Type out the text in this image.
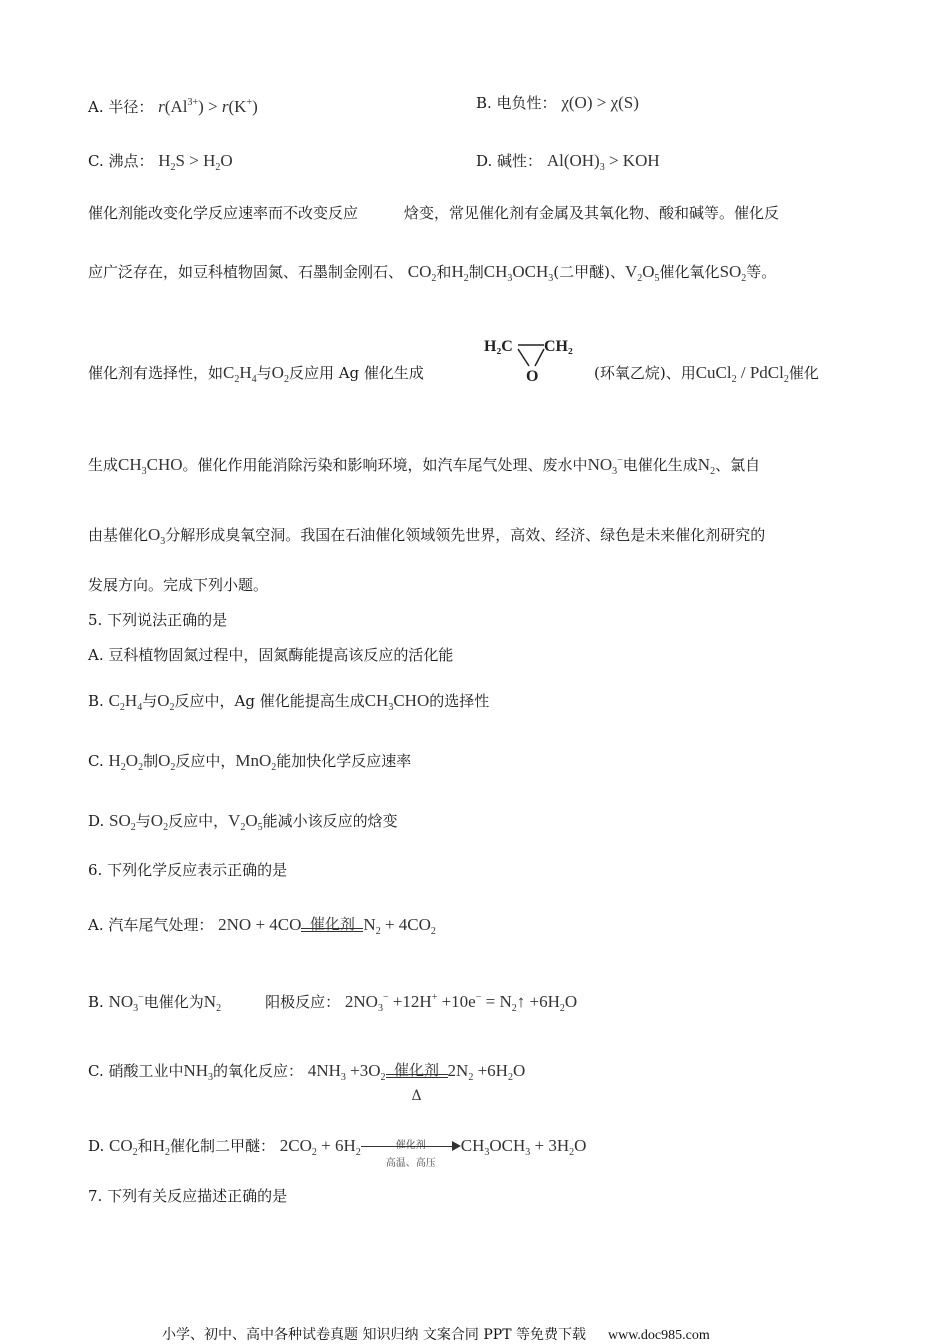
A. 半径： $r(Al^{3+}) > r(K^+)$	B. 电负性： χ(O) > χ(S)
C. 沸点： $H_2S > H_2O$	D. 碱性： $Al(OH)_3$ > KOH
催化剂能改变化学反应速率而不改变反应	焓变，常见催化剂有金属及其氧化物、酸和碱等。催化反
应广泛存在，如豆科植物固氮、石墨制金刚石、 $CO_2$和$H_2$制$CH_3OCH_3$(二甲醚)、$V_2O_5$催化氧化$SO_2$等。
H₂C CH₂
O
催化剂有选择性，如$C_2H_4$与$O_2$反应用 Ag 催化生成	(环氧乙烷)、用CuCl$_2$ / PdCl$_2$催化
生成$CH_3CHO$。催化作用能消除污染和影响环境，如汽车尾气处理、废水中$NO_3^-$电催化生成$N_2$、氯自
由基催化$O_3$分解形成臭氧空洞。我国在石油催化领域领先世界，高效、经济、绿色是未来催化剂研究的
发展方向。完成下列小题。
5. 下列说法正确的是
A. 豆科植物固氮过程中，固氮酶能提高该反应的活化能
B. $C_2H_4$与$O_2$反应中，Ag 催化能提高生成$CH_3CHO$的选择性
C. $H_2O_2$制$O_2$反应中，MnO$_2$能加快化学反应速率
D. $SO_2$与$O_2$反应中，$V_2O_5$能减小该反应的焓变
6. 下列化学反应表示正确的是
A. 汽车尾气处理： 2NO + 4CO 催化剂 $N_2 + 4CO_2$
B. $NO_3^-$电催化为$N_2$	阳极反应： $2NO_3^- +12H^+ +10e^-$ = $N_2↑ +6H_2O$
C. 硝酸工业中$NH_3$的氧化反应： $4NH_3 +3O_2$ 催化剂
Δ
$2N_2 +6H_2O$
D. $CO_2$和$H_2$催化制二甲醚： $2CO_2 + 6H_2$
催化剂
高温、高压
$CH_3OCH_3 + 3H_2O$
7. 下列有关反应描述正确的是
小学、初中、高中各种试卷真题 知识归纳 文案合同 PPT 等免费下载 www.doc985.com
